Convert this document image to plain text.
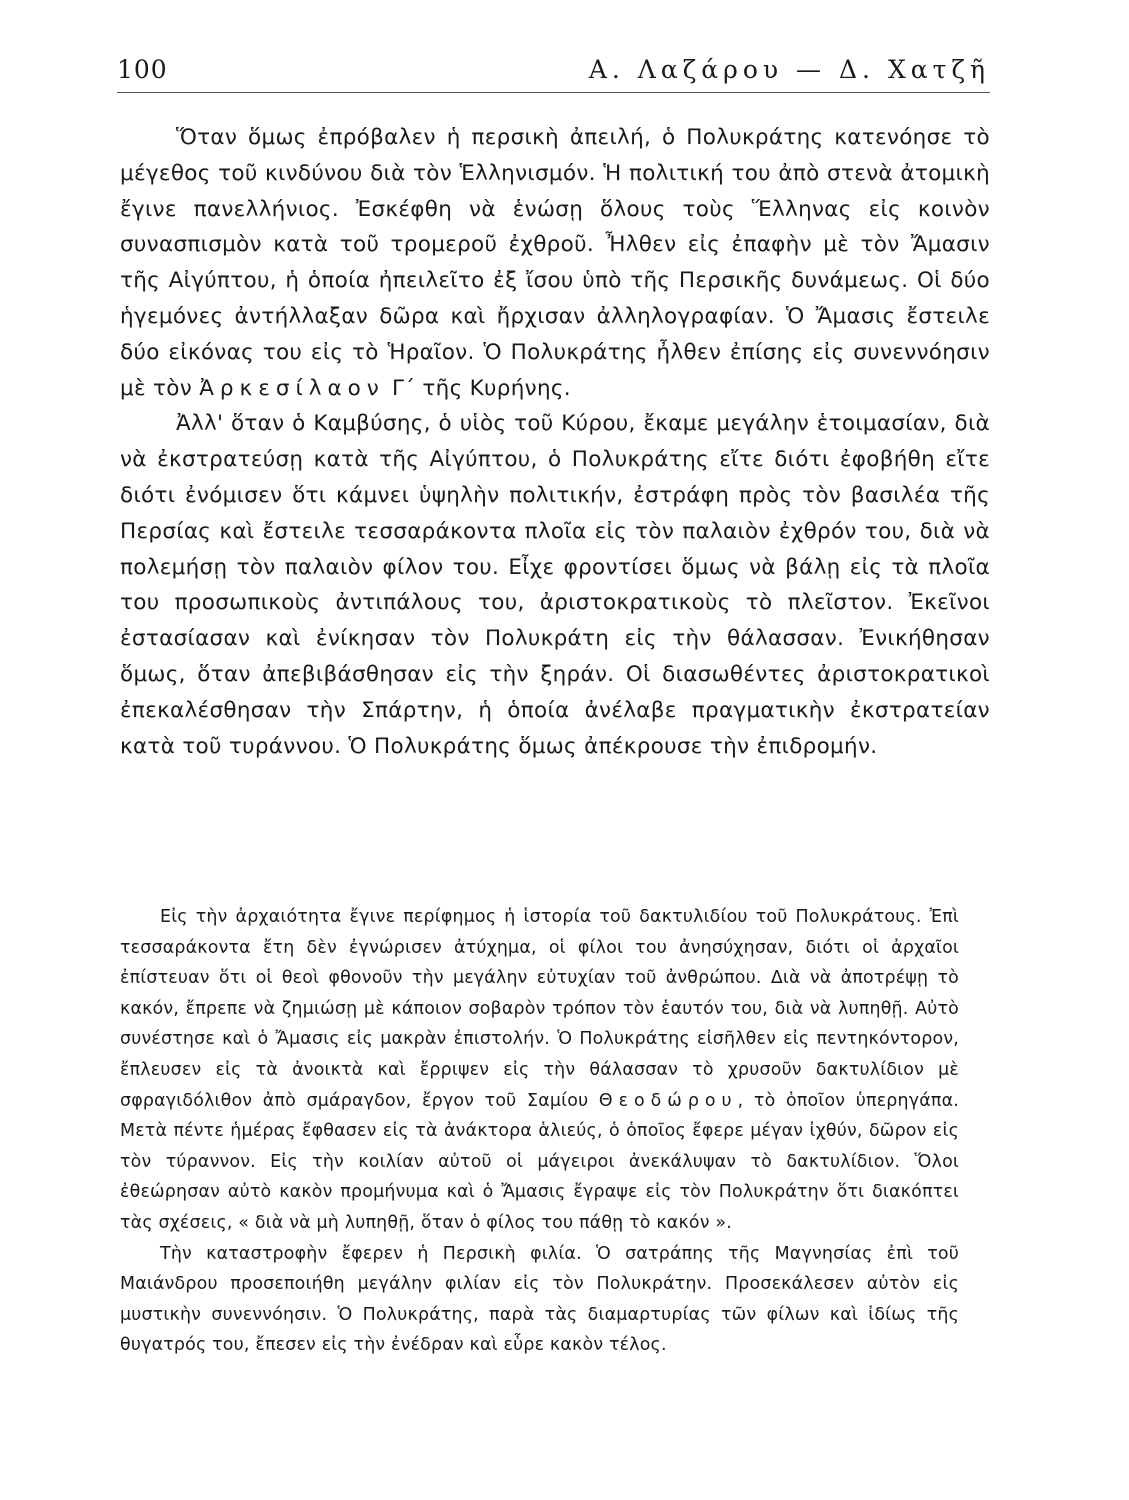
100	Α. Λαζάρου — Δ. Χατζῆ

Ὅταν ὅμως ἐπρόβαλεν ἡ περσικὴ ἀπειλή, ὁ Πολυκράτης κατενόησε τὸ μέγεθος τοῦ κινδύνου διὰ τὸν Ἑλληνισμόν. Ἡ πολιτική του ἀπὸ στενὰ ἀτομικὴ ἔγινε πανελλήνιος. Ἐσκέφθη νὰ ἑνώσῃ ὅλους τοὺς Ἕλληνας εἰς κοινὸν συνασπισμὸν κατὰ τοῦ τρομεροῦ ἐχθροῦ. Ἦλθεν εἰς ἐπαφὴν μὲ τὸν Ἄμασιν τῆς Αἰγύπτου, ἡ ὁποία ἠπειλεῖτο ἐξ ἴσου ὑπὸ τῆς Περσικῆς δυνάμεως. Οἱ δύο ἡγεμόνες ἀντήλλαξαν δῶρα καὶ ἤρχισαν ἀλληλογραφίαν. Ὁ Ἄμασις ἔστειλε δύο εἰκόνας του εἰς τὸ Ἡραῖον. Ὁ Πολυκράτης ἦλθεν ἐπίσης εἰς συνεννόησιν μὲ τὸν Ἀρκεσίλαον Γ΄ τῆς Κυρήνης.

Ἀλλ' ὅταν ὁ Καμβύσης, ὁ υἱὸς τοῦ Κύρου, ἔκαμε μεγάλην ἑτοιμασίαν, διὰ νὰ ἐκστρατεύσῃ κατὰ τῆς Αἰγύπτου, ὁ Πολυκράτης εἴτε διότι ἐφοβήθη εἴτε διότι ἐνόμισεν ὅτι κάμνει ὑψηλὴν πολιτικήν, ἐστράφη πρὸς τὸν βασιλέα τῆς Περσίας καὶ ἔστειλε τεσσαράκοντα πλοῖα εἰς τὸν παλαιὸν ἐχθρόν του, διὰ νὰ πολεμήσῃ τὸν παλαιὸν φίλον του. Εἶχε φροντίσει ὅμως νὰ βάλῃ εἰς τὰ πλοῖα του προσωπικοὺς ἀντιπάλους του, ἀριστοκρατικοὺς τὸ πλεῖστον. Ἐκεῖνοι ἐστασίασαν καὶ ἐνίκησαν τὸν Πολυκράτη εἰς τὴν θάλασσαν. Ἐνικήθησαν ὅμως, ὅταν ἀπεβιβάσθησαν εἰς τὴν ξηράν. Οἱ διασωθέντες ἀριστοκρατικοὶ ἐπεκαλέσθησαν τὴν Σπάρτην, ἡ ὁποία ἀνέλαβε πραγματικὴν ἐκστρατείαν κατὰ τοῦ τυράννου. Ὁ Πολυκράτης ὅμως ἀπέκρουσε τὴν ἐπιδρομήν.

Εἰς τὴν ἀρχαιότητα ἔγινε περίφημος ἡ ἱστορία τοῦ δακτυλιδίου τοῦ Πολυκράτους. Ἐπὶ τεσσαράκοντα ἔτη δὲν ἐγνώρισεν ἀτύχημα, οἱ φίλοι του ἀνησύχησαν, διότι οἱ ἀρχαῖοι ἐπίστευαν ὅτι οἱ θεοὶ φθονοῦν τὴν μεγάλην εὐτυχίαν τοῦ ἀνθρώπου. Διὰ νὰ ἀποτρέψῃ τὸ κακόν, ἔπρεπε νὰ ζημιώσῃ μὲ κάποιον σοβαρὸν τρόπον τὸν ἑαυτόν του, διὰ νὰ λυπηθῇ. Αὐτὸ συνέστησε καὶ ὁ Ἄμασις εἰς μακρὰν ἐπιστολήν. Ὁ Πολυκράτης εἰσῆλθεν εἰς πεντηκόντορον, ἔπλευσεν εἰς τὰ ἀνοικτὰ καὶ ἔρριψεν εἰς τὴν θάλασσαν τὸ χρυσοῦν δακτυλίδιον μὲ σφραγιδόλιθον ἀπὸ σμάραγδον, ἔργον τοῦ Σαμίου Θεοδώρου, τὸ ὁποῖον ὑπερηγάπα. Μετὰ πέντε ἡμέρας ἔφθασεν εἰς τὰ ἀνάκτορα ἁλιεύς, ὁ ὁποῖος ἔφερε μέγαν ἰχθύν, δῶρον εἰς τὸν τύραννον. Εἰς τὴν κοιλίαν αὐτοῦ οἱ μάγειροι ἀνεκάλυψαν τὸ δακτυλίδιον. Ὅλοι ἐθεώρησαν αὐτὸ κακὸν προμήνυμα καὶ ὁ Ἄμασις ἔγραψε εἰς τὸν Πολυκράτην ὅτι διακόπτει τὰς σχέσεις, « διὰ νὰ μὴ λυπηθῇ, ὅταν ὁ φίλος του πάθῃ τὸ κακόν ».

Τὴν καταστροφὴν ἔφερεν ἡ Περσικὴ φιλία. Ὁ σατράπης τῆς Μαγνησίας ἐπὶ τοῦ Μαιάνδρου προσεποιήθη μεγάλην φιλίαν εἰς τὸν Πολυκράτην. Προσεκάλεσεν αὐτὸν εἰς μυστικὴν συνεννόησιν. Ὁ Πολυκράτης, παρὰ τὰς διαμαρτυρίας τῶν φίλων καὶ ἰδίως τῆς θυγατρός του, ἔπεσεν εἰς τὴν ἐνέδραν καὶ εὗρε κακὸν τέλος.
